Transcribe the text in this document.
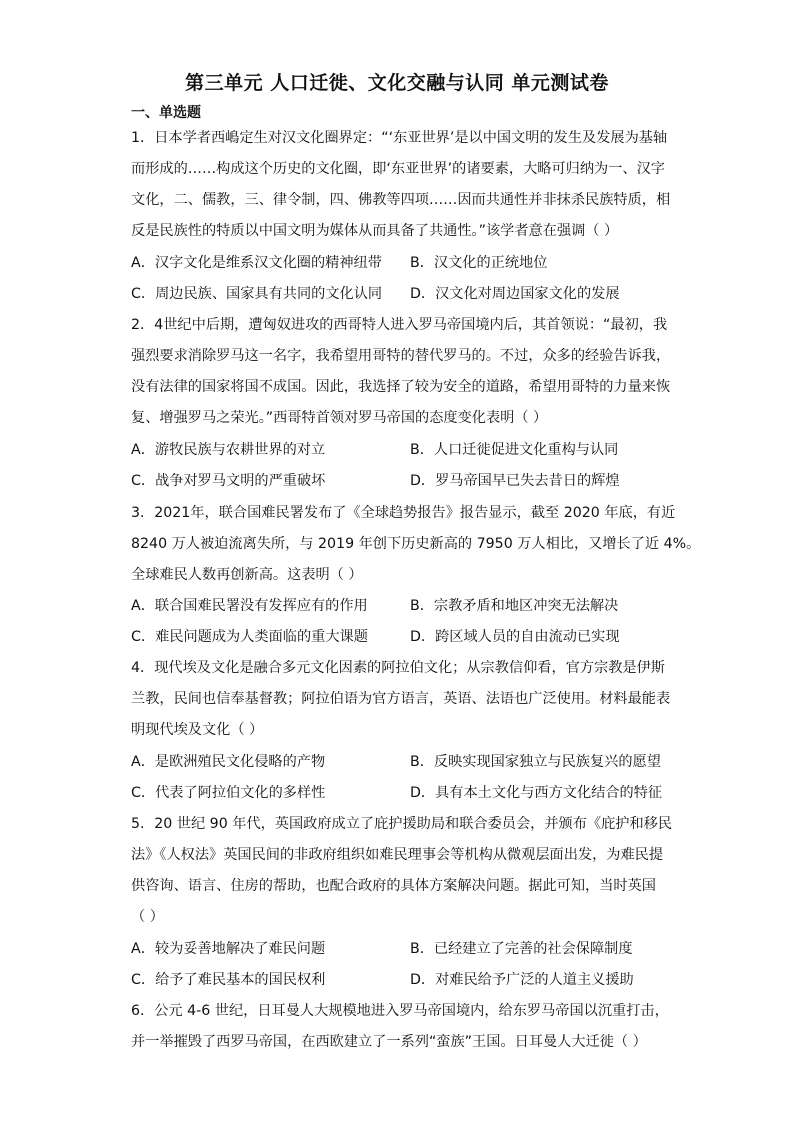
第三单元 人口迁徙、文化交融与认同 单元测试卷
一、单选题
1．日本学者西嶋定生对汉文化圈界定：“‘东亚世界’是以中国文明的发生及发展为基轴
而形成的……构成这个历史的文化圈，即‘东亚世界’的诸要素，大略可归纳为一、汉字
文化，二、儒教，三、律令制，四、佛教等四项……因而共通性并非抹杀民族特质，相
反是民族性的特质以中国文明为媒体从而具备了共通性。”该学者意在强调（ ）
A．汉字文化是维系汉文化圈的精神纽带 B．汉文化的正统地位
C．周边民族、国家具有共同的文化认同 D．汉文化对周边国家文化的发展
2．4世纪中后期，遭匈奴进攻的西哥特人进入罗马帝国境内后，其首领说：“最初，我
强烈要求消除罗马这一名字，我希望用哥特的替代罗马的。不过，众多的经验告诉我，
没有法律的国家将国不成国。因此，我选择了较为安全的道路，希望用哥特的力量来恢
复、增强罗马之荣光。”西哥特首领对罗马帝国的态度变化表明（ ）
A．游牧民族与农耕世界的对立	B．人口迁徙促进文化重构与认同
C．战争对罗马文明的严重破坏	D．罗马帝国早已失去昔日的辉煌
3．2021年，联合国难民署发布了《全球趋势报告》报告显示，截至 2020 年底，有近
8240 万人被迫流离失所，与 2019 年创下历史新高的 7950 万人相比，又增长了近 4%。
全球难民人数再创新高。这表明（ ）
A．联合国难民署没有发挥应有的作用	B．宗教矛盾和地区冲突无法解决
C．难民问题成为人类面临的重大课题	D．跨区域人员的自由流动已实现
4．现代埃及文化是融合多元文化因素的阿拉伯文化；从宗教信仰看，官方宗教是伊斯
兰教，民间也信奉基督教；阿拉伯语为官方语言，英语、法语也广泛使用。材料最能表
明现代埃及文化（ ）
A．是欧洲殖民文化侵略的产物	B．反映实现国家独立与民族复兴的愿望
C．代表了阿拉伯文化的多样性	D．具有本土文化与西方文化结合的特征
5．20 世纪 90 年代，英国政府成立了庇护援助局和联合委员会，并颁布《庇护和移民
法》《人权法》英国民间的非政府组织如难民理事会等机构从微观层面出发，为难民提
供咨询、语言、住房的帮助，也配合政府的具体方案解决问题。据此可知，当时英国
（ ）
A．较为妥善地解决了难民问题	B．已经建立了完善的社会保障制度
C．给予了难民基本的国民权利	D．对难民给予广泛的人道主义援助
6．公元 4-6 世纪，日耳曼人大规模地进入罗马帝国境内，给东罗马帝国以沉重打击，
并一举摧毁了西罗马帝国，在西欧建立了一系列“蛮族”王国。日耳曼人大迁徙（ ）
